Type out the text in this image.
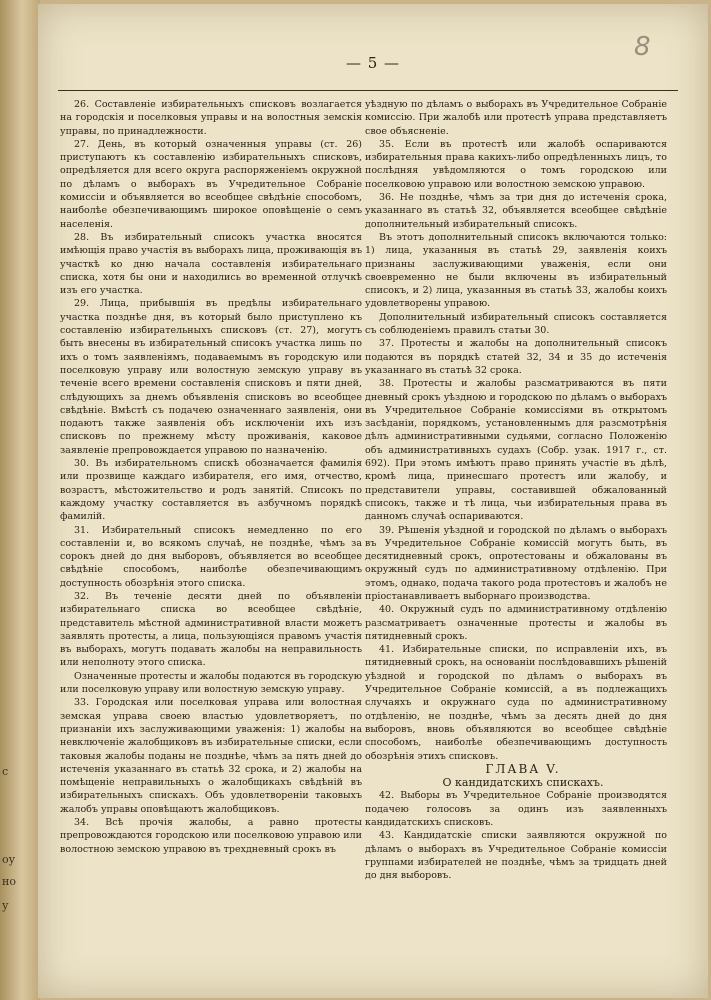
с
оу
но
у
— 5 —
8

26. Составленіе избирательныхъ списковъ возлагается на городскія и поселковыя управы и на волостныя земскія управы, по принадлежности.

27. День, въ который означенныя управы (ст. 26) приступаютъ къ составленію избирательныхъ списковъ, опредѣляется для всего округа распоряженіемъ окружной по дѣламъ о выборахъ въ Учредительное Собраніе комиссіи и объявляется во всеобщее свѣдѣніе способомъ, наиболѣе обезпечивающимъ широкое оповѣщеніе о семъ населенія.

28. Въ избирательный списокъ участка вносятся имѣющія право участія въ выборахъ лица, проживающія въ участкѣ ко дню начала составленія избирательнаго списка, хотя бы они и находились во временной отлучкѣ изъ его участка.

29. Лица, прибывшія въ предѣлы избирательнаго участка позднѣе дня, въ который было приступлено къ составленію избирательныхъ списковъ (ст. 27), могутъ быть внесены въ избирательный списокъ участка лишь по ихъ о томъ заявленіямъ, подаваемымъ въ городскую или поселковую управу или волостную земскую управу въ теченіе всего времени составленія списковъ и пяти дней, слѣдующихъ за днемъ объявленія списковъ во всеобщее свѣдѣніе. Вмѣстѣ съ подачею означеннаго заявленія, они подаютъ также заявленія объ исключеніи ихъ изъ списковъ по прежнему мѣсту проживанія, каковое заявленіе препровождается управою по назначенію.

30. Въ избирательномъ спискѣ обозначается фамилія или прозвище каждаго избирателя, его имя, отчество, возрастъ, мѣстожительство и родъ занятій. Списокъ по каждому участку составляется въ азбучномъ порядкѣ фамилій.

31. Избирательный списокъ немедленно по его составленіи и, во всякомъ случаѣ, не позднѣе, чѣмъ за сорокъ дней до дня выборовъ, объявляется во всеобщее свѣдѣніе способомъ, наиболѣе обезпечивающимъ доступность обозрѣнія этого списка.

32. Въ теченіе десяти дней по объявленіи избирательнаго списка во всеобщее свѣдѣніе, представитель мѣстной административной власти можетъ заявлять протесты, а лица, пользующіяся правомъ участія въ выборахъ, могутъ подавать жалобы на неправильность или неполноту этого списка.

Означенные протесты и жалобы подаются въ городскую или поселковую управу или волостную земскую управу.

33. Городская или поселковая управа или волостная земская управа своею властью удовлетворяетъ, по признаніи ихъ заслуживающими уваженія: 1) жалобы на невключеніе жалобщиковъ въ избирательные списки, если таковыя жалобы поданы не позднѣе, чѣмъ за пять дней до истеченія указаннаго въ статьѣ 32 срока, и 2) жалобы на помѣщеніе неправильныхъ о жалобщикахъ свѣдѣній въ избирательныхъ спискахъ. Объ удовлетвореніи таковыхъ жалобъ управы оповѣщаютъ жалобщиковъ.

34. Всѣ прочія жалобы, а равно протесты препровождаются городскою или поселковою управою или волостною земскою управою въ трехдневный срокъ въ

уѣздную по дѣламъ о выборахъ въ Учредительное Собраніе комиссію. При жалобѣ или протестѣ управа представляетъ свое объясненіе.

35. Если въ протестѣ или жалобѣ оспариваются избирательныя права какихъ-либо опредѣленныхъ лицъ, то послѣдняя увѣдомляются о томъ городскою или поселковою управою или волостною земскою управою.

36. Не позднѣе, чѣмъ за три дня до истеченія срока, указаннаго въ статьѣ 32, объявляется всеобщее свѣдѣніе дополнительный избирательный списокъ.

Въ этотъ дополнительный списокъ включаются только: 1) лица, указанныя въ статьѣ 29, заявленія коихъ признаны заслуживающими уваженія, если они своевременно не были включены въ избирательный списокъ, и 2) лица, указанныя въ статьѣ 33, жалобы коихъ удовлетворены управою.

Дополнительный избирательный списокъ составляется съ соблюденіемъ правилъ статьи 30.

37. Протесты и жалобы на дополнительный списокъ подаются въ порядкѣ статей 32, 34 и 35 до истеченія указаннаго въ статьѣ 32 срока.

38. Протесты и жалобы разсматриваются въ пяти дневный срокъ уѣздною и городскою по дѣламъ о выборахъ въ Учредительное Собраніе комиссіями въ открытомъ засѣданіи, порядкомъ, установленнымъ для разсмотрѣнія дѣлъ административными судьями, согласно Положенію объ административныхъ судахъ (Собр. узак. 1917 г., ст. 692). При этомъ имѣютъ право принять участіе въ дѣлѣ, кромѣ лица, принесшаго протестъ или жалобу, и представители управы, составившей обжалованный списокъ, также и тѣ лица, чьи избирательныя права въ данномъ случаѣ оспариваются.

39. Рѣшенія уѣздной и городской по дѣламъ о выборахъ въ Учредительное Собраніе комиссій могутъ быть, въ десятидневный срокъ, опротестованы и обжалованы въ окружный судъ по административному отдѣленію. При этомъ, однако, подача такого рода протестовъ и жалобъ не пріостанавливаетъ выборнаго производства.

40. Окружный судъ по административному отдѣленію разсматриваетъ означенные протесты и жалобы въ пятидневный срокъ.

41. Избирательные списки, по исправленіи ихъ, въ пятидневный срокъ, на основаніи послѣдовавшихъ рѣшеній уѣздной и городской по дѣламъ о выборахъ въ Учредительное Собраніе комиссій, а въ подлежащихъ случаяхъ и окружнаго суда по административному отдѣленію, не позднѣе, чѣмъ за десять дней до дня выборовъ, вновь объявляются во всеобщее свѣдѣніе способомъ, наиболѣе обезпечивающимъ доступность обозрѣнія этихъ списковъ.

ГЛАВА V.

О кандидатскихъ спискахъ.

42. Выборы въ Учредительное Собраніе производятся подачею голосовъ за одинъ изъ заявленныхъ кандидатскихъ списковъ.

43. Кандидатскіе списки заявляются окружной по дѣламъ о выборахъ въ Учредительное Собраніе комиссіи группами избирателей не позднѣе, чѣмъ за тридцать дней до дня выборовъ.
